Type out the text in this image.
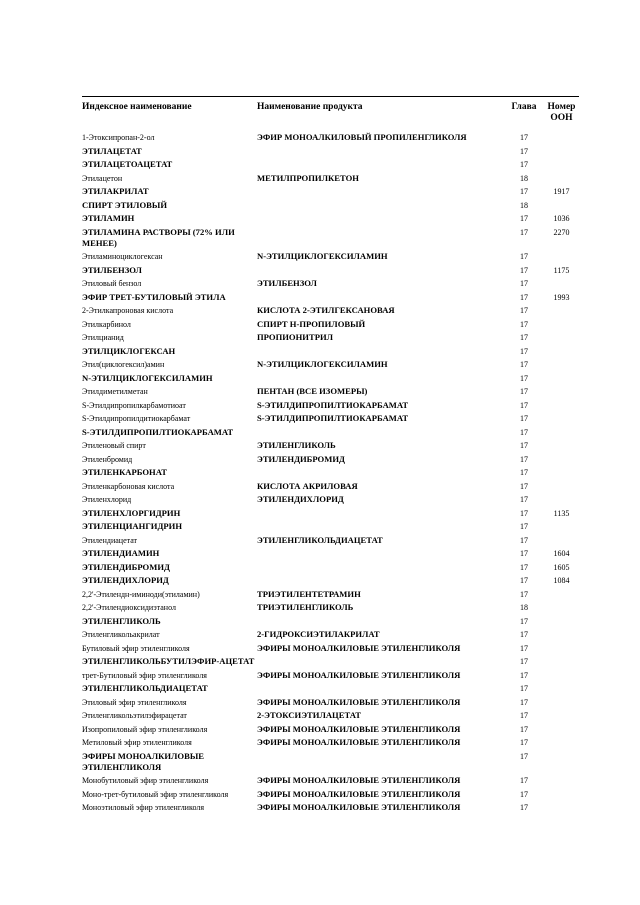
Индексное наименование	Наименование продукта	Глава	Номер ООН
1-Этоксипропан-2-ол	ЭФИР МОНОАЛКИЛОВЫЙ ПРОПИЛЕНГЛИКОЛЯ	17	
ЭТИЛАЦЕТАТ		17	
ЭТИЛАЦЕТОАЦЕТАТ		17	
Этилацетон	МЕТИЛПРОПИЛКЕТОН	18	
ЭТИЛАКРИЛАТ		17	1917
СПИРТ ЭТИЛОВЫЙ		18	
ЭТИЛАМИН		17	1036
ЭТИЛАМИНА РАСТВОРЫ (72% ИЛИ МЕНЕЕ)		17	2270
Этиламиноциклогексан	N-ЭТИЛЦИКЛОГЕКСИЛАМИН	17	
ЭТИЛБЕНЗОЛ		17	1175
Этиловый бензол	ЭТИЛБЕНЗОЛ	17	
ЭФИР ТРЕТ-БУТИЛОВЫЙ ЭТИЛА		17	1993
2-Этилкапроновая кислота	КИСЛОТА 2-ЭТИЛГЕКСАНОВАЯ	17	
Этилкарбинол	СПИРТ Н-ПРОПИЛОВЫЙ	17	
Этилцианид	ПРОПИОНИТРИЛ	17	
ЭТИЛЦИКЛОГЕКСАН		17	
Этил(циклогексил)амин	N-ЭТИЛЦИКЛОГЕКСИЛАМИН	17	
N-ЭТИЛЦИКЛОГЕКСИЛАМИН		17	
Этилдиметилметан	ПЕНТАН (ВСЕ ИЗОМЕРЫ)	17	
S-Этилдипропилкарбамотиоат	S-ЭТИЛДИПРОПИЛТИОКАРБАМАТ	17	
S-Этилдипропилдитиокарбамат	S-ЭТИЛДИПРОПИЛТИОКАРБАМАТ	17	
S-ЭТИЛДИПРОПИЛТИОКАРБАМАТ		17	
Этиленовый спирт	ЭТИЛЕНГЛИКОЛЬ	17	
Этиленбромид	ЭТИЛЕНДИБРОМИД	17	
ЭТИЛЕНКАРБОНАТ		17	
Этиленкарбоновая кислота	КИСЛОТА АКРИЛОВАЯ	17	
Этиленхлорид	ЭТИЛЕНДИХЛОРИД	17	
ЭТИЛЕНХЛОРГИДРИН		17	1135
ЭТИЛЕНЦИАНГИДРИН		17	
Этилендиацетат	ЭТИЛЕНГЛИКОЛЬДИАЦЕТАТ	17	
ЭТИЛЕНДИАМИН		17	1604
ЭТИЛЕНДИБРОМИД		17	1605
ЭТИЛЕНДИХЛОРИД		17	1084
2,2'-Этилендн-иминоди(этиламин)	ТРИЭТИЛЕНТЕТРАМИН	17	
2,2'-Этилендиоксидиэтанол	ТРИЭТИЛЕНГЛИКОЛЬ	18	
ЭТИЛЕНГЛИКОЛЬ		17	
Этиленгликольакрилат	2-ГИДРОКСИЭТИЛАКРИЛАТ	17	
Бутиловый эфир этиленгликоля	ЭФИРЫ МОНОАЛКИЛОВЫЕ ЭТИЛЕНГЛИКОЛЯ	17	
ЭТИЛЕНГЛИКОЛЬБУТИЛЭФИР-АЦЕТАТ		17	
трет-Бутиловый эфир этиленгликоля	ЭФИРЫ МОНОАЛКИЛОВЫЕ ЭТИЛЕНГЛИКОЛЯ	17	
ЭТИЛЕНГЛИКОЛЬДИАЦЕТАТ		17	
Этиловый эфир этиленгликоля	ЭФИРЫ МОНОАЛКИЛОВЫЕ ЭТИЛЕНГЛИКОЛЯ	17	
Этиленгликольэтилэфирацетат	2-ЭТОКСИЭТИЛАЦЕТАТ	17	
Изопропиловый эфир этиленгликоля	ЭФИРЫ МОНОАЛКИЛОВЫЕ ЭТИЛЕНГЛИКОЛЯ	17	
Метиловый эфир этиленгликоля	ЭФИРЫ МОНОАЛКИЛОВЫЕ ЭТИЛЕНГЛИКОЛЯ	17	
ЭФИРЫ МОНОАЛКИЛОВЫЕ ЭТИЛЕНГЛИКОЛЯ		17	
Монобутиловый эфир этиленгликоля	ЭФИРЫ МОНОАЛКИЛОВЫЕ ЭТИЛЕНГЛИКОЛЯ	17	
Моно-трет-бутиловый эфир этиленгликоля	ЭФИРЫ МОНОАЛКИЛОВЫЕ ЭТИЛЕНГЛИКОЛЯ	17	
Моноэтиловый эфир этиленгликоля	ЭФИРЫ МОНОАЛКИЛОВЫЕ ЭТИЛЕНГЛИКОЛЯ	17	
